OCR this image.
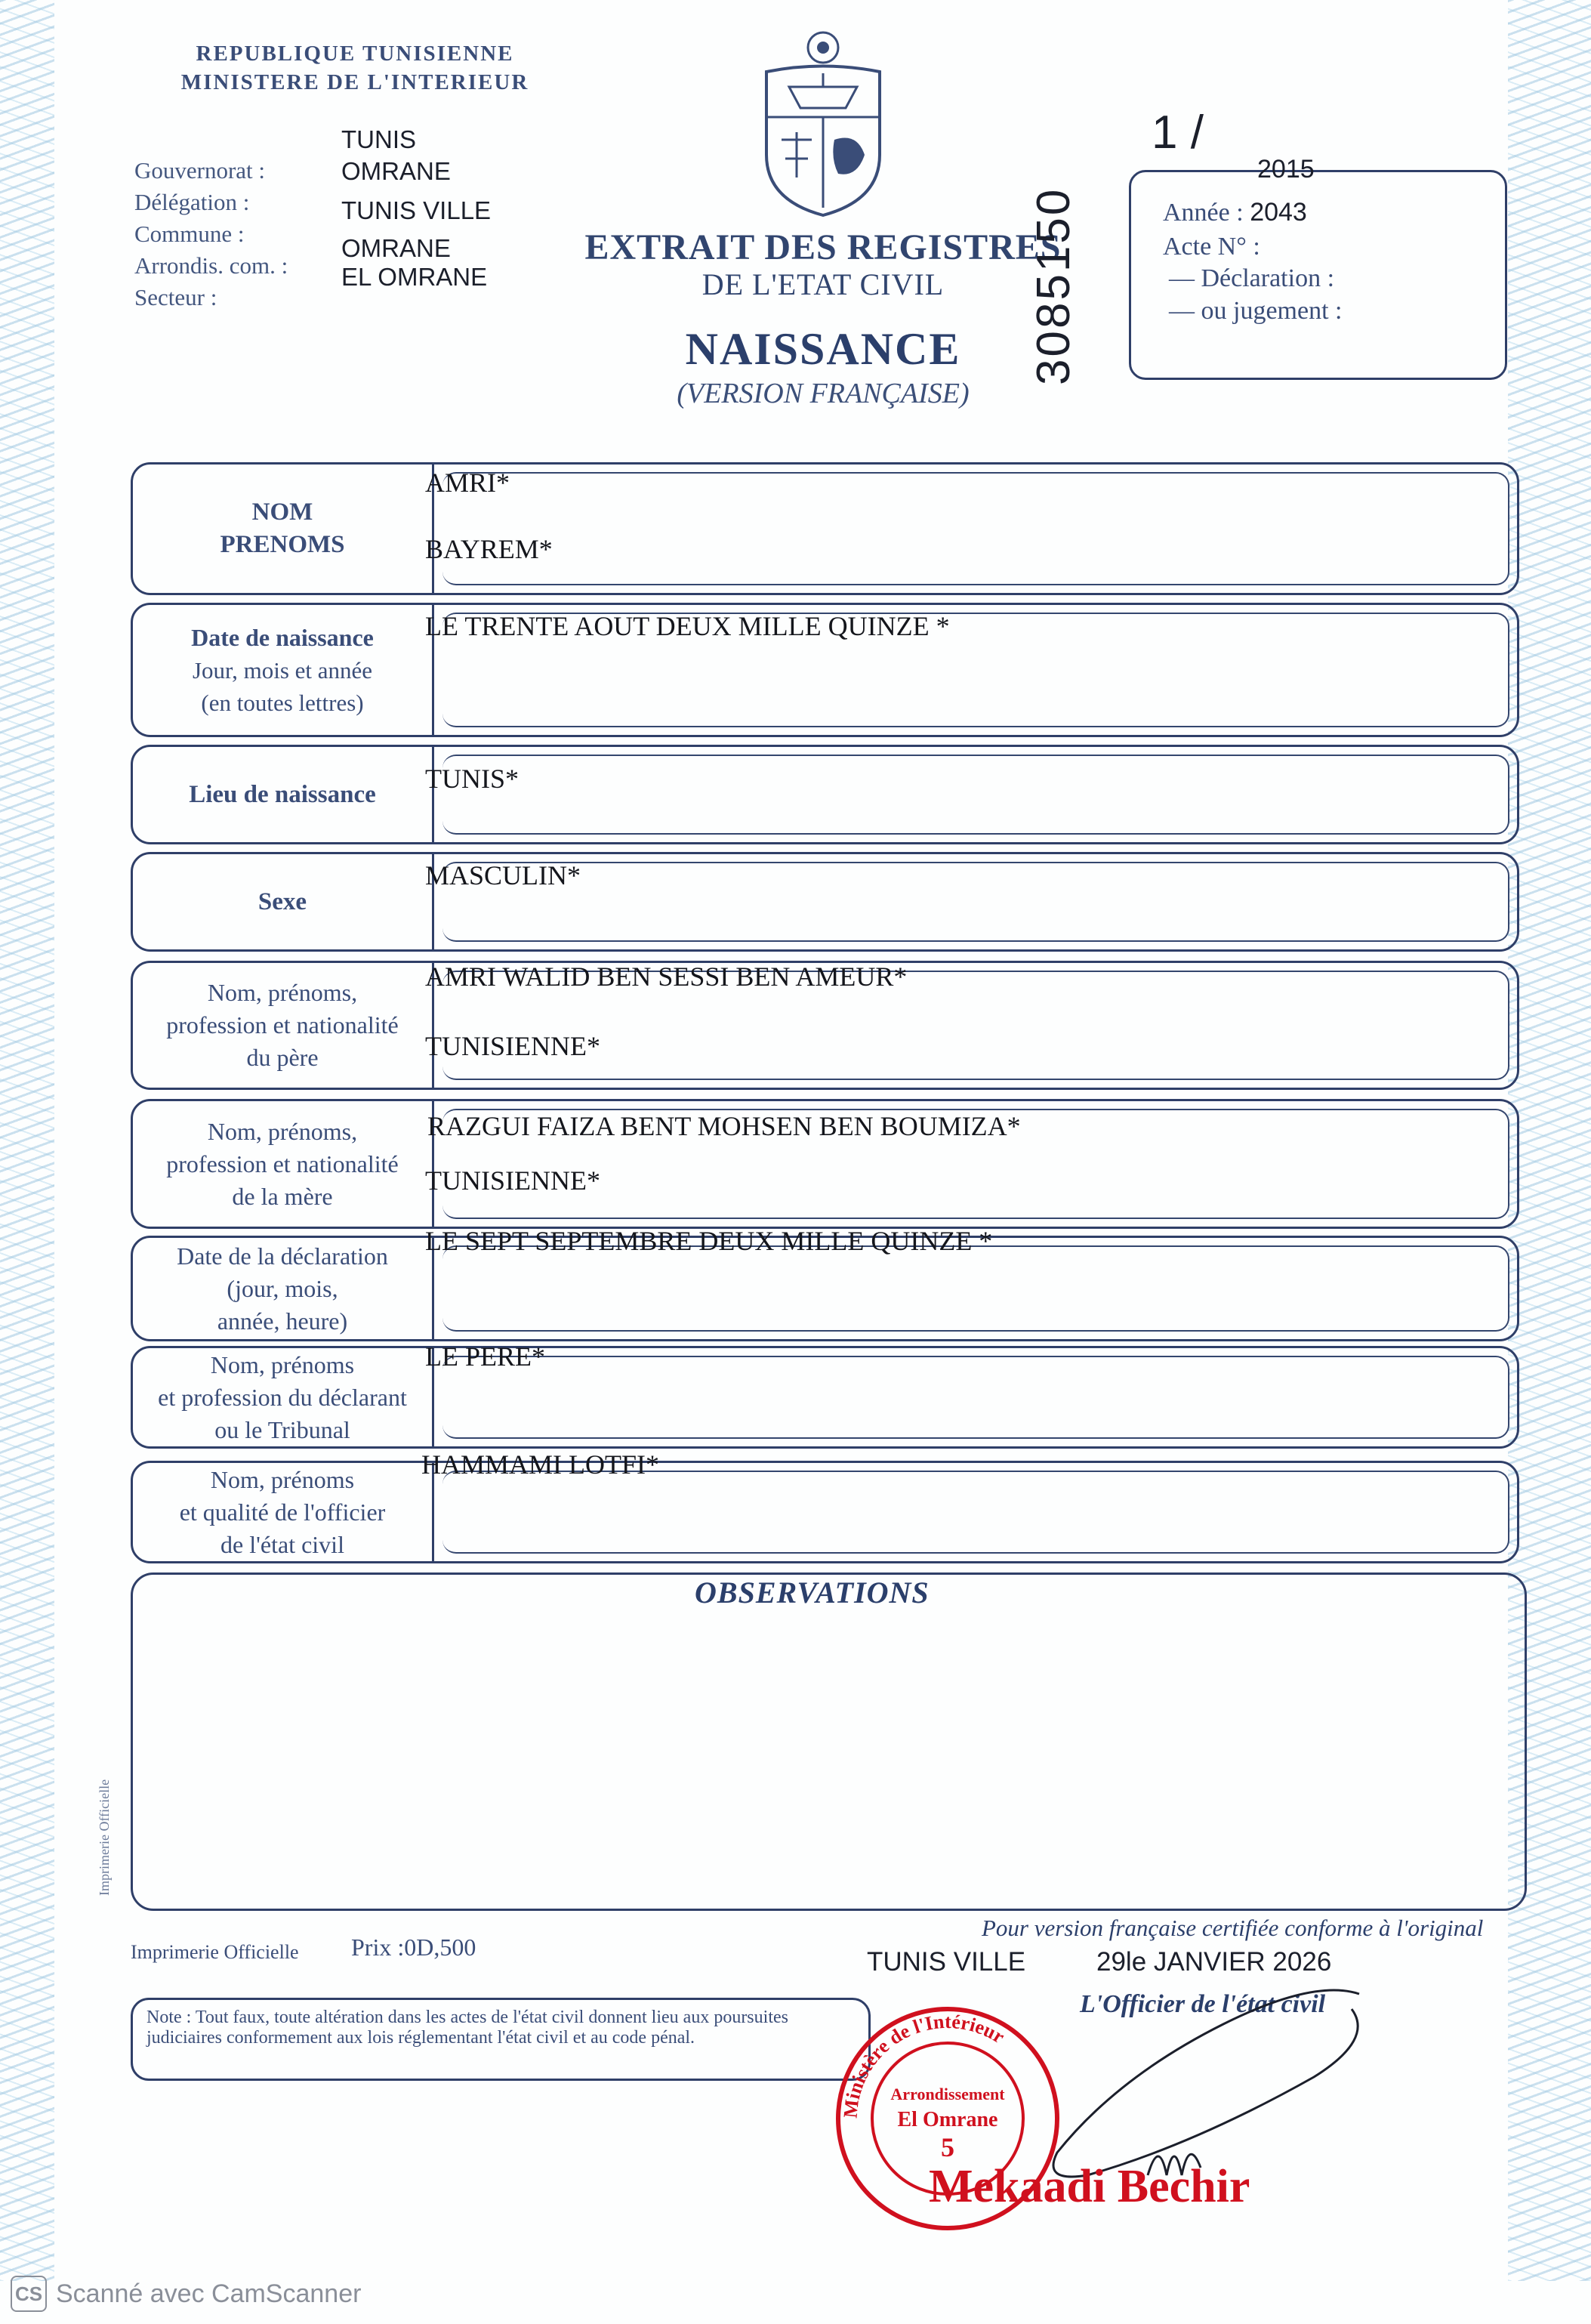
REPUBLIQUE TUNISIENNE
MINISTERE DE L'INTERIEUR
Gouvernorat :
Délégation :
Commune :
Arrondis. com. :
Secteur :
TUNIS
OMRANE
TUNIS VILLE
OMRANE
EL OMRANE
EXTRAIT DES REGISTRES
DE L'ETAT CIVIL
NAISSANCE
(VERSION FRANÇAISE)
3085150
1 /
2015
Année : 2043
Acte N° :
— Déclaration :
— ou jugement :
NOM
PRENOMS
AMRI*
BAYREM*
Date de naissance
Jour, mois et année
(en toutes lettres)
LE TRENTE AOUT DEUX MILLE QUINZE *
Lieu de naissance
TUNIS*
Sexe
MASCULIN*
Nom, prénoms,
profession et nationalité
du père
AMRI WALID BEN SESSI BEN AMEUR*
TUNISIENNE*
Nom, prénoms,
profession et nationalité
de la mère
RAZGUI FAIZA BENT MOHSEN BEN BOUMIZA*
TUNISIENNE*
Date de la déclaration
(jour, mois,
année, heure)
LE SEPT SEPTEMBRE DEUX MILLE QUINZE *
Nom, prénoms
et profession du déclarant
ou le Tribunal
LE PERE*
Nom, prénoms
et qualité de l'officier
de l'état civil
HAMMAMI LOTFI*
OBSERVATIONS
Imprimerie Officielle
Imprimerie Officielle Prix :0D,500
Pour version française certifiée conforme à l'original
TUNIS VILLE	29le JANVIER 2026
L'Officier de l'état civil
Note : Tout faux, toute altération dans les actes de l'état civil donnent lieu aux poursuites judiciaires conformement aux lois réglementant l'état civil et au code pénal.
Ministère de l'Intérieur
Arrondissement
El Omrane
5
Mekaadi Bechir
CS Scanné avec CamScanner
